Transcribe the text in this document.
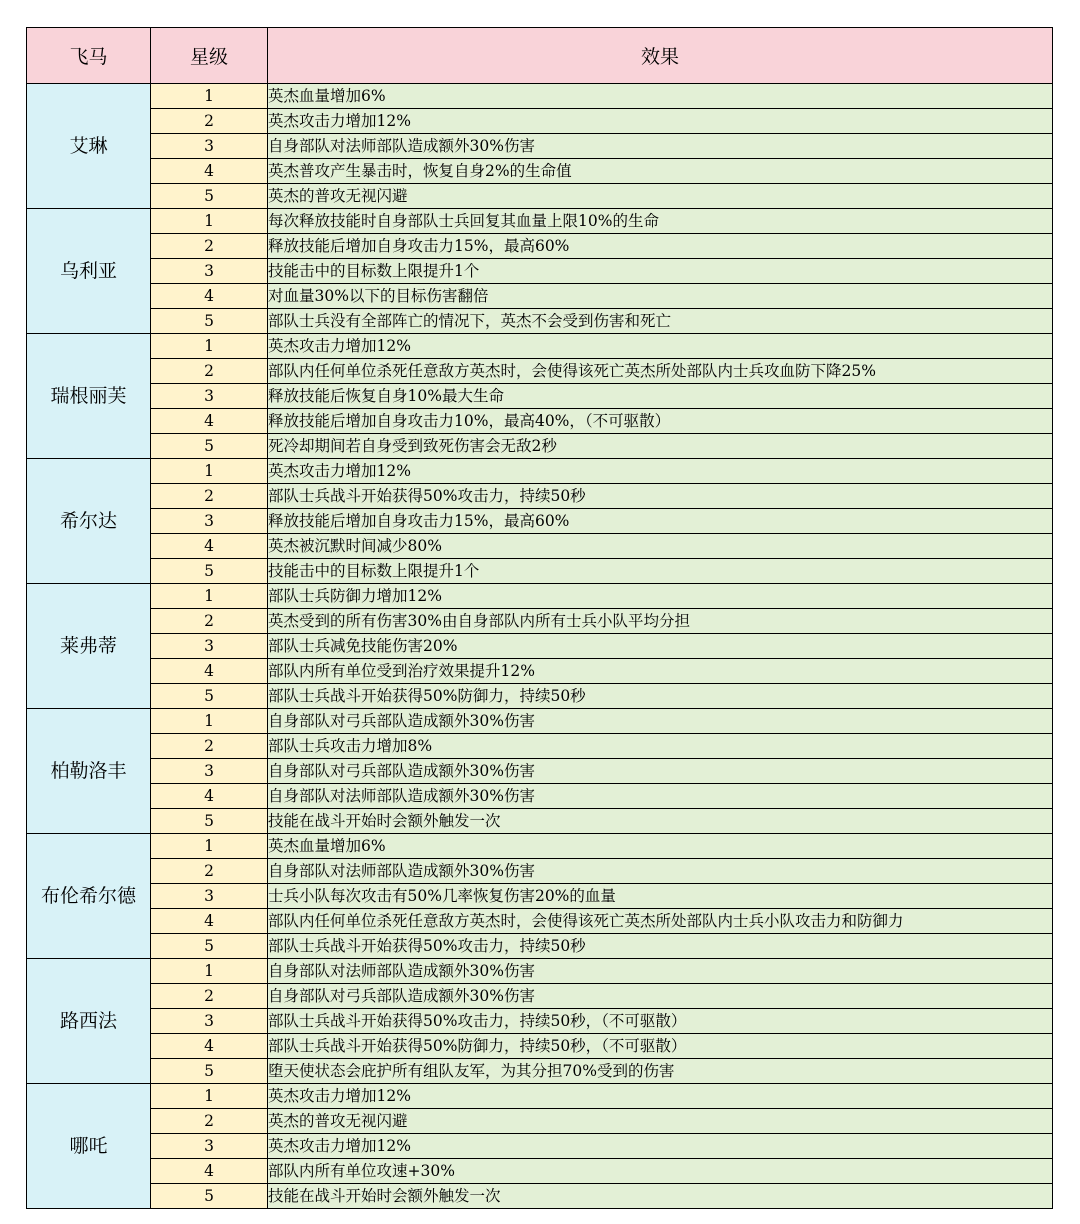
飞马	星级	效果
艾琳	1	英杰血量增加6%
	2	英杰攻击力增加12%
	3	自身部队对法师部队造成额外30%伤害
	4	英杰普攻产生暴击时，恢复自身2%的生命值
	5	英杰的普攻无视闪避
乌利亚	1	每次释放技能时自身部队士兵回复其血量上限10%的生命
	2	释放技能后增加自身攻击力15%，最高60%
	3	技能击中的目标数上限提升1个
	4	对血量30%以下的目标伤害翻倍
	5	部队士兵没有全部阵亡的情况下，英杰不会受到伤害和死亡
瑞根丽芙	1	英杰攻击力增加12%
	2	部队内任何单位杀死任意敌方英杰时，会使得该死亡英杰所处部队内士兵攻血防下降25%
	3	释放技能后恢复自身10%最大生命
	4	释放技能后增加自身攻击力10%，最高40%，（不可驱散）
	5	死冷却期间若自身受到致死伤害会无敌2秒
希尔达	1	英杰攻击力增加12%
	2	部队士兵战斗开始获得50%攻击力，持续50秒
	3	释放技能后增加自身攻击力15%，最高60%
	4	英杰被沉默时间减少80%
	5	技能击中的目标数上限提升1个
莱弗蒂	1	部队士兵防御力增加12%
	2	英杰受到的所有伤害30%由自身部队内所有士兵小队平均分担
	3	部队士兵减免技能伤害20%
	4	部队内所有单位受到治疗效果提升12%
	5	部队士兵战斗开始获得50%防御力，持续50秒
柏勒洛丰	1	自身部队对弓兵部队造成额外30%伤害
	2	部队士兵攻击力增加8%
	3	自身部队对弓兵部队造成额外30%伤害
	4	自身部队对法师部队造成额外30%伤害
	5	技能在战斗开始时会额外触发一次
布伦希尔德	1	英杰血量增加6%
	2	自身部队对法师部队造成额外30%伤害
	3	士兵小队每次攻击有50%几率恢复伤害20%的血量
	4	部队内任何单位杀死任意敌方英杰时，会使得该死亡英杰所处部队内士兵小队攻击力和防御力
	5	部队士兵战斗开始获得50%攻击力，持续50秒
路西法	1	自身部队对法师部队造成额外30%伤害
	2	自身部队对弓兵部队造成额外30%伤害
	3	部队士兵战斗开始获得50%攻击力，持续50秒，（不可驱散）
	4	部队士兵战斗开始获得50%防御力，持续50秒，（不可驱散）
	5	堕天使状态会庇护所有组队友军，为其分担70%受到的伤害
哪吒	1	英杰攻击力增加12%
	2	英杰的普攻无视闪避
	3	英杰攻击力增加12%
	4	部队内所有单位攻速+30%
	5	技能在战斗开始时会额外触发一次
